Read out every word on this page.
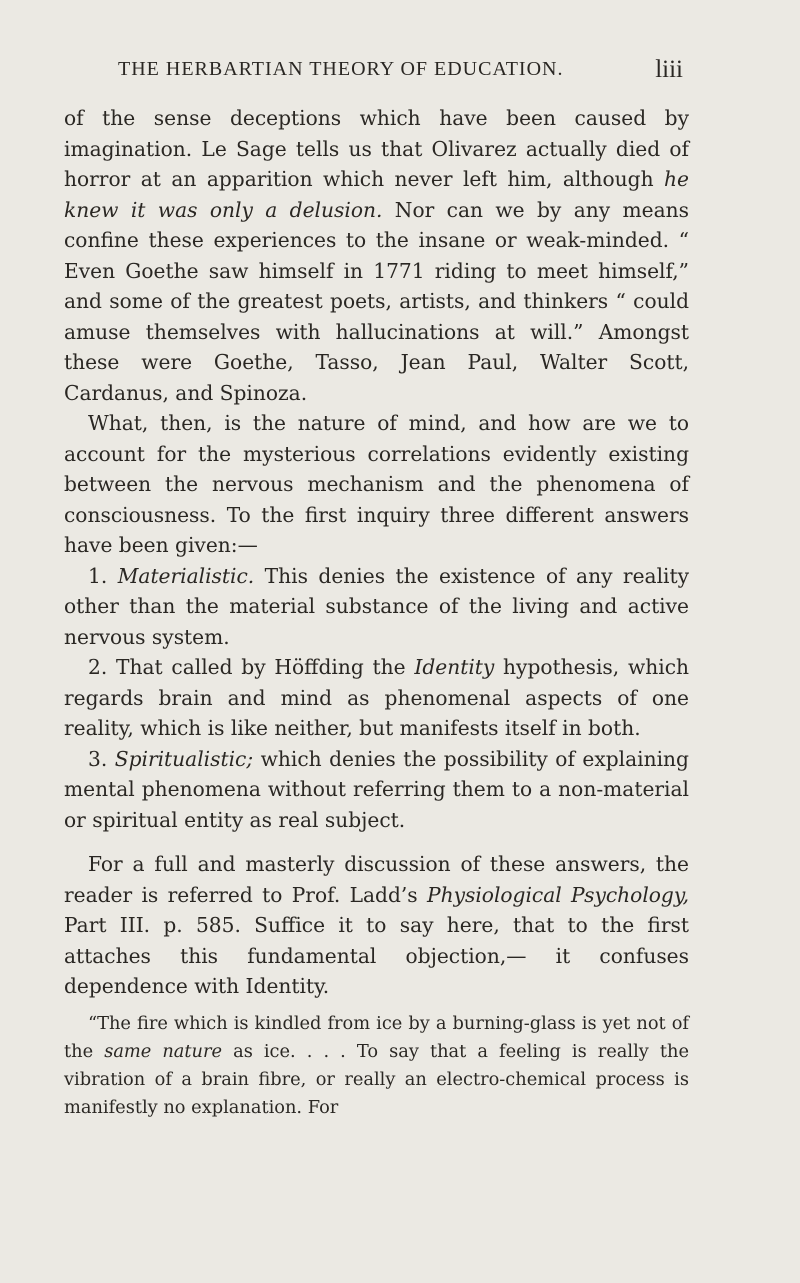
THE HERBARTIAN THEORY OF EDUCATION.	liii

of the sense deceptions which have been caused by imagination. Le Sage tells us that Olivarez actually died of horror at an apparition which never left him, although he knew it was only a delusion. Nor can we by any means confine these experiences to the insane or weak-minded. “ Even Goethe saw himself in 1771 riding to meet himself,” and some of the greatest poets, artists, and thinkers “ could amuse themselves with hallucinations at will.” Amongst these were Goethe, Tasso, Jean Paul, Walter Scott, Cardanus, and Spinoza.

What, then, is the nature of mind, and how are we to account for the mysterious correlations evidently existing between the nervous mechanism and the phenomena of consciousness. To the first inquiry three different answers have been given:—

1. Materialistic. This denies the existence of any reality other than the material substance of the living and active nervous system.

2. That called by Höffding the Identity hypothesis, which regards brain and mind as phenomenal aspects of one reality, which is like neither, but manifests itself in both.

3. Spiritualistic; which denies the possibility of explaining mental phenomena without referring them to a non-material or spiritual entity as real subject.

For a full and masterly discussion of these answers, the reader is referred to Prof. Ladd’s Physiological Psychology, Part III. p. 585. Suffice it to say here, that to the first attaches this fundamental objection,— it confuses dependence with Identity.

“The fire which is kindled from ice by a burning-glass is yet not of the same nature as ice. . . . To say that a feeling is really the vibration of a brain fibre, or really an electro-chemical process is manifestly no explanation. For
